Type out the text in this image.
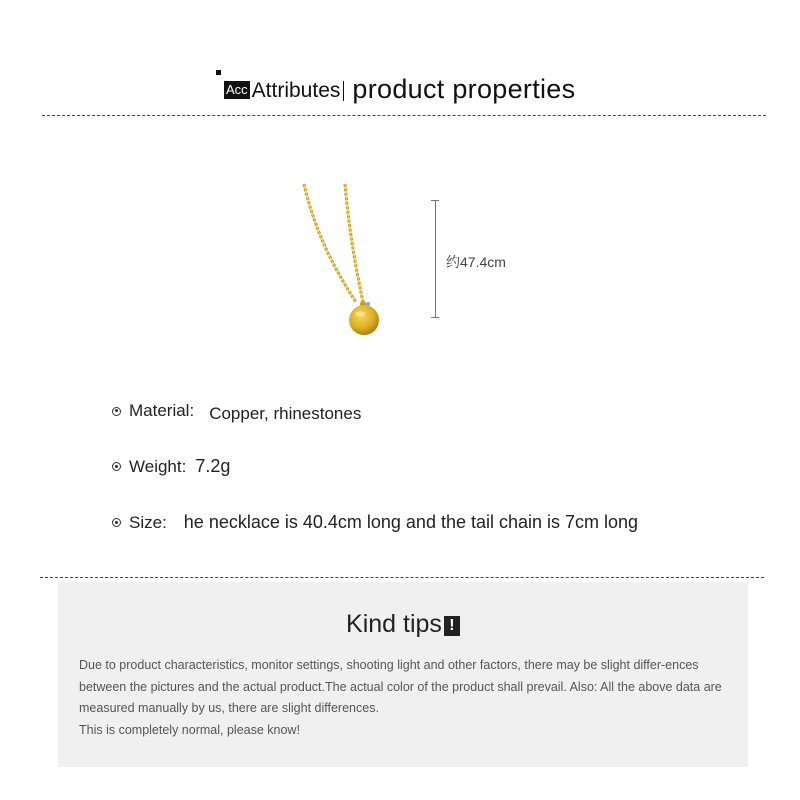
Acc Attributes product properties
约47.4cm
Material: Copper, rhinestones
Weight: 7.2g
Size: he necklace is 40.4cm long and the tail chain is 7cm long
Kind tips !

Due to product characteristics, monitor settings, shooting light and other factors, there may be slight differ-ences between the pictures and the actual product.The actual color of the product shall prevail. Also: All the above data are measured manually by us, there are slight differences.

This is completely normal, please know!
